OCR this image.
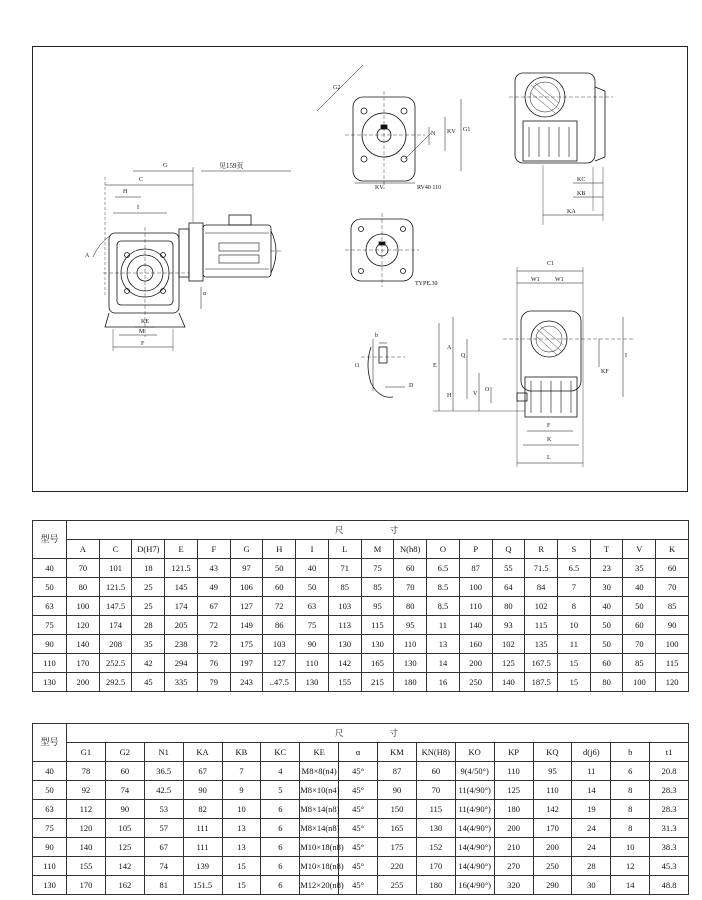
见159页
G
C
H
I
A
KE
M
F
α
G2
KV
N KV G1
RV40 110
TYPE.30
KC
KB
KA
C1
W1	W1
E
A
Q
H	V
O
I
KF
F
K
L
b
t1
D
型号	尺 寸																		
	A	C	D(H7)	E	F	G	H	I	L	M	N(h8)	O	P	Q	R	S	T	V	K
40	70	101	18	121.5	43	97	50	40	71	75	60	6.5	87	55	71.5	6.5	23	35	60
50	80	121.5	25	145	49	106	60	50	85	85	70	8.5	100	64	84	7	30	40	70
63	100	147.5	25	174	67	127	72	63	103	95	80	8.5	110	80	102	8	40	50	85
75	120	174	28	205	72	149	86	75	113	115	95	11	140	93	115	10	50	60	90
90	140	208	35	238	72	175	103	90	130	130	110	13	160	102	135	11	50	70	100
110	170	252.5	42	294	76	197	127	110	142	165	130	14	200	125	167.5	15	60	85	115
130	200	292.5	45	335	79	243	..47.5	130	155	215	180	16	250	140	187.5	15	80	100	120
型号	尺 寸															
	G1	G2	N1	KA	KB	KC	KE	α	KM	KN(H8)	KO	KP	KQ	d(j6)	b	t1
40	78	60	36.5	67	7	4	M8×8(n4)	45°	87	60	9(4/50°)	110	95	11	6	20.8
50	92	74	42.5	90	9	5	M8×10(n4)	45°	90	70	11(4/90°)	125	110	14	8	28.3
63	112	90	53	82	10	6	M8×14(n8)	45°	150	115	11(4/90°)	180	142	19	8	28.3
75	120	105	57	111	13	6	M8×14(n8)	45°	165	130	14(4/90°)	200	170	24	8	31.3
90	140	125	67	111	13	6	M10×18(n8)	45°	175	152	14(4/90°)	210	200	24	10	38.3
110	155	142	74	139	15	6	M10×18(n8)	45°	220	170	14(4/90°)	270	250	28	12	45.3
130	170	162	81	151.5	15	6	M12×20(n8)	45°	255	180	16(4/90°)	320	290	30	14	48.8
